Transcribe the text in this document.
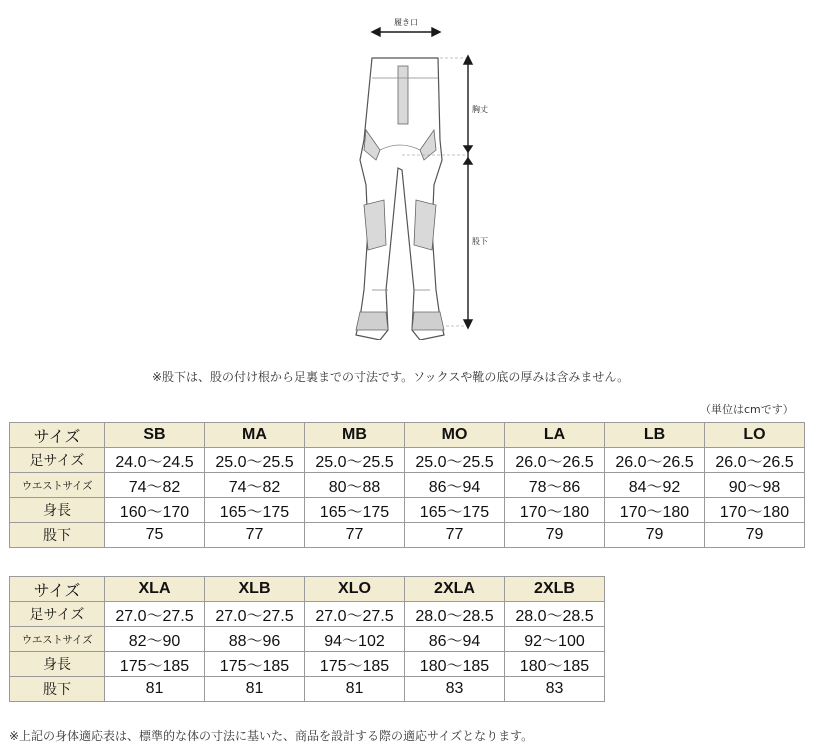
履き口
胸丈
股下
※股下は、股の付け根から足裏までの寸法です。ソックスや靴の底の厚みは含みません。
（単位はcmです）
サイズ	SB	MA	MB	MO	LA	LB	LO
足サイズ	24.0～24.5	25.0～25.5	25.0～25.5	25.0～25.5	26.0～26.5	26.0～26.5	26.0～26.5
ウエストサイズ	74～82	74～82	80～88	86～94	78～86	84～92	90～98
身長	160～170	165～175	165～175	165～175	170～180	170～180	170～180
股下	75	77	77	77	79	79	79
サイズ	XLA	XLB	XLO	2XLA	2XLB
足サイズ	27.0～27.5	27.0～27.5	27.0～27.5	28.0～28.5	28.0～28.5
ウエストサイズ	82～90	88～96	94～102	86～94	92～100
身長	175～185	175～185	175～185	180～185	180～185
股下	81	81	81	83	83
※上記の身体適応表は、標準的な体の寸法に基いた、商品を設計する際の適応サイズとなります。
